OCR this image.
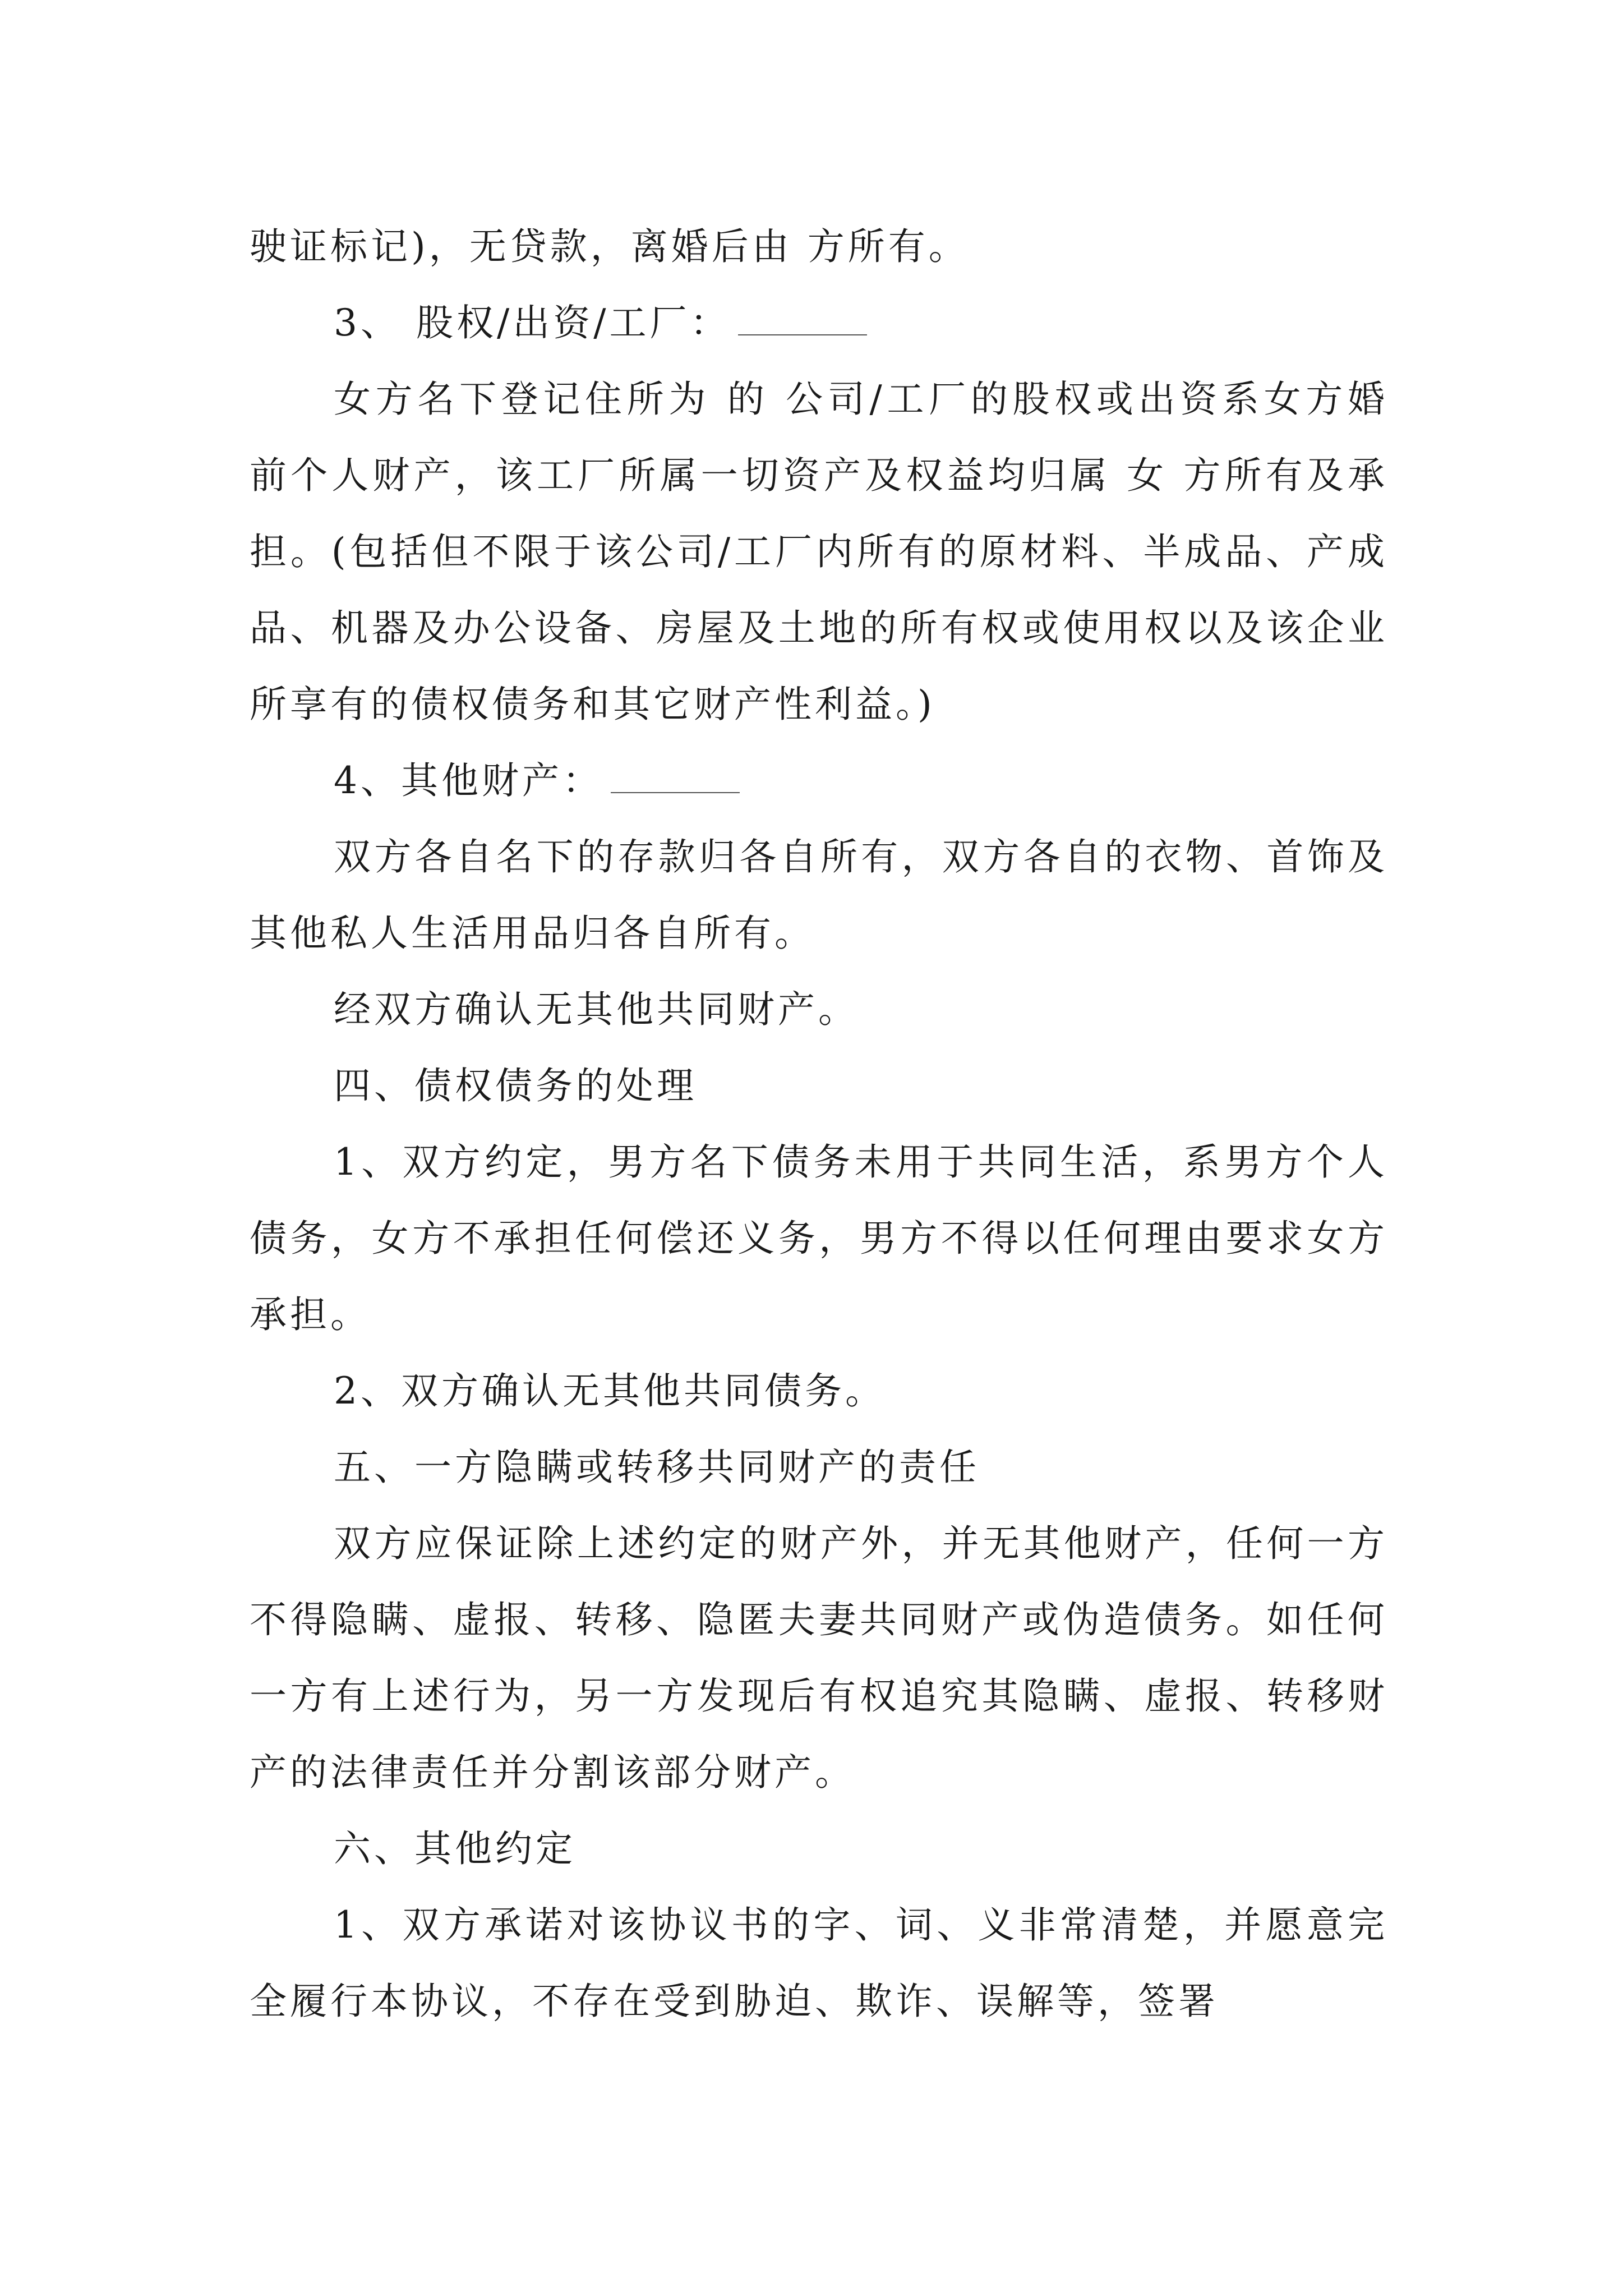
驶证标记)，无贷款，离婚后由 方所有。

3、 股权/出资/工厂：

女方名下登记住所为 的 公司/工厂的股权或出资系女方婚前个人财产，该工厂所属一切资产及权益均归属 女 方所有及承担。(包括但不限于该公司/工厂内所有的原材料、半成品、产成品、机器及办公设备、房屋及土地的所有权或使用权以及该企业所享有的债权债务和其它财产性利益。)

4、其他财产：

双方各自名下的存款归各自所有，双方各自的衣物、首饰及其他私人生活用品归各自所有。

经双方确认无其他共同财产。

四、债权债务的处理

1、双方约定，男方名下债务未用于共同生活，系男方个人债务，女方不承担任何偿还义务，男方不得以任何理由要求女方承担。

2、双方确认无其他共同债务。

五、一方隐瞒或转移共同财产的责任

双方应保证除上述约定的财产外，并无其他财产，任何一方不得隐瞒、虚报、转移、隐匿夫妻共同财产或伪造债务。如任何一方有上述行为，另一方发现后有权追究其隐瞒、虚报、转移财产的法律责任并分割该部分财产。

六、其他约定

1、双方承诺对该协议书的字、词、义非常清楚，并愿意完全履行本协议，不存在受到胁迫、欺诈、误解等，签署
